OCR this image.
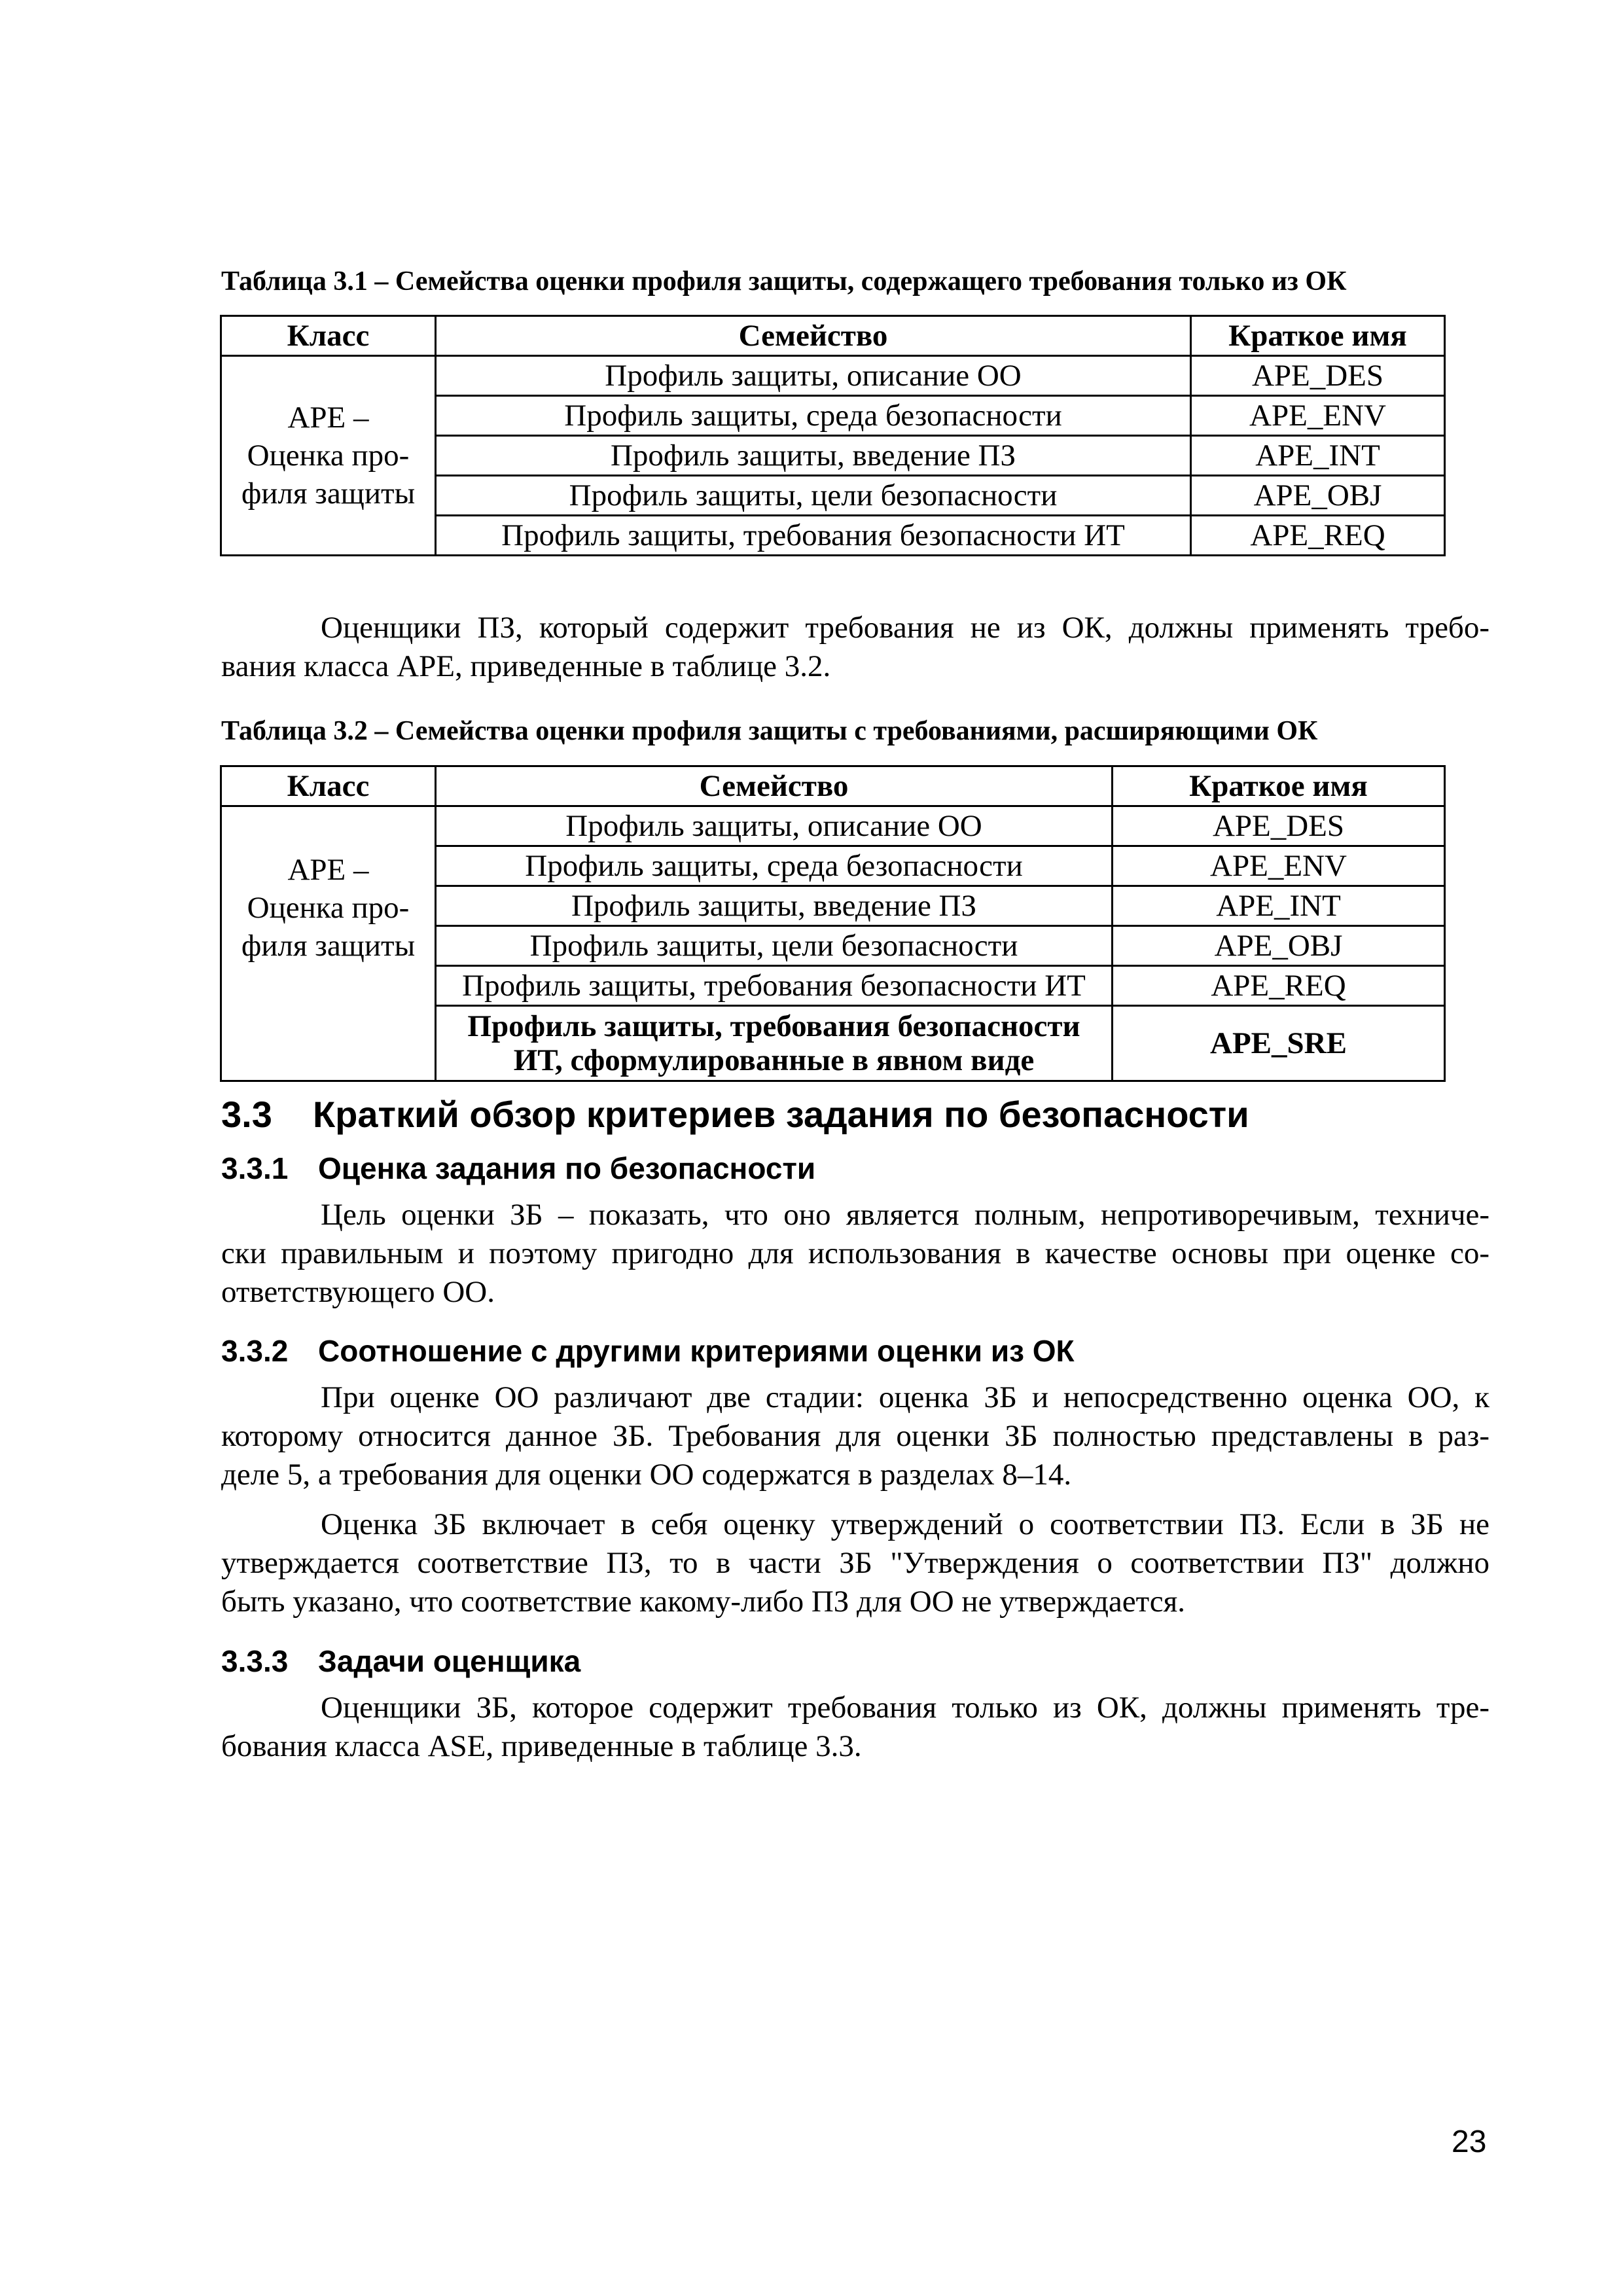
Таблица 3.1 – Семейства оценки профиля защиты, содержащего требования только из ОК
Класс	Семейство	Краткое имя

АРЕ –
Оценка про-
филя защиты	Профиль защиты, описание ОО	APE_DES
	Профиль защиты, среда безопасности	APE_ENV
	Профиль защиты, введение ПЗ	APE_INT
	Профиль защиты, цели безопасности	APE_OBJ
	Профиль защиты, требования безопасности ИТ	APE_REQ
Оценщики ПЗ, который содержит требования не из ОК, должны применять требо-
вания класса АРЕ, приведенные в таблице 3.2.
Таблица 3.2 – Семейства оценки профиля защиты с требованиями, расширяющими ОК
Класс	Семейство	Краткое имя

АРЕ –
Оценка про-
филя защиты	Профиль защиты, описание ОО	APE_DES
	Профиль защиты, среда безопасности	APE_ENV
	Профиль защиты, введение ПЗ	APE_INT
	Профиль защиты, цели безопасности	APE_OBJ
	Профиль защиты, требования безопасности ИТ	APE_REQ

	Профиль защиты, требования безопасности
ИТ, сформулированные в явном виде	APE_SRE
3.3 Краткий обзор критериев задания по безопасности
3.3.1 Оценка задания по безопасности
Цель оценки ЗБ – показать, что оно является полным, непротиворечивым, техниче-
ски правильным и поэтому пригодно для использования в качестве основы при оценке со-
ответствующего ОО.
3.3.2 Соотношение с другими критериями оценки из ОК
При оценке ОО различают две стадии: оценка ЗБ и непосредственно оценка ОО, к
которому относится данное ЗБ. Требования для оценки ЗБ полностью представлены в раз-
деле 5, а требования для оценки ОО содержатся в разделах 8–14.
Оценка ЗБ включает в себя оценку утверждений о соответствии ПЗ. Если в ЗБ не
утверждается соответствие ПЗ, то в части ЗБ "Утверждения о соответствии ПЗ" должно
быть указано, что соответствие какому-либо ПЗ для ОО не утверждается.
3.3.3 Задачи оценщика
Оценщики ЗБ, которое содержит требования только из ОК, должны применять тре-
бования класса ASE, приведенные в таблице 3.3.
23
